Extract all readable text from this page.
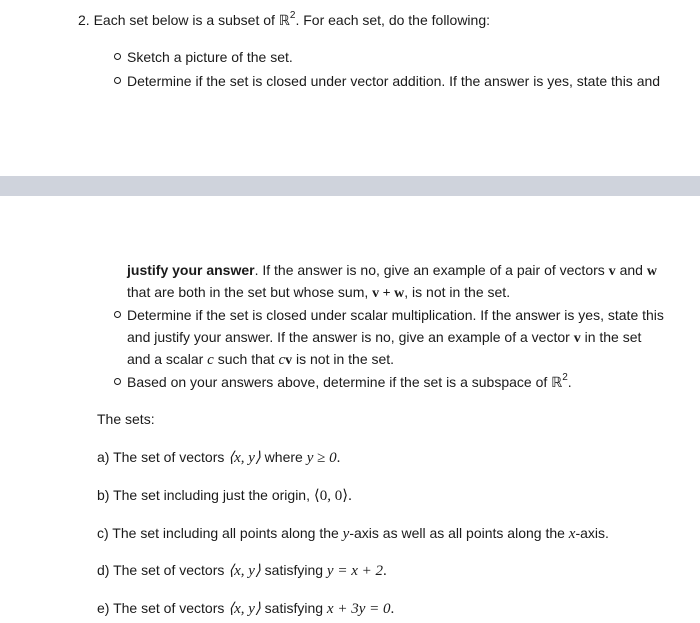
2. Each set below is a subset of ℝ$^2$. For each set, do the following:
Sketch a picture of the set.
Determine if the set is closed under vector addition. If the answer is yes, state this and
justify your answer. If the answer is no, give an example of a pair of vectors v and w
that are both in the set but whose sum, v + w, is not in the set.
Determine if the set is closed under scalar multiplication. If the answer is yes, state this
and justify your answer. If the answer is no, give an example of a vector v in the set
and a scalar c such that cv is not in the set.
Based on your answers above, determine if the set is a subspace of ℝ$^2$.
The sets:
a) The set of vectors ⟨x, y⟩ where y ≥ 0.
b) The set including just the origin, ⟨0, 0⟩.
c) The set including all points along the y-axis as well as all points along the x-axis.
d) The set of vectors ⟨x, y⟩ satisfying y = x + 2.
e) The set of vectors ⟨x, y⟩ satisfying x + 3y = 0.
